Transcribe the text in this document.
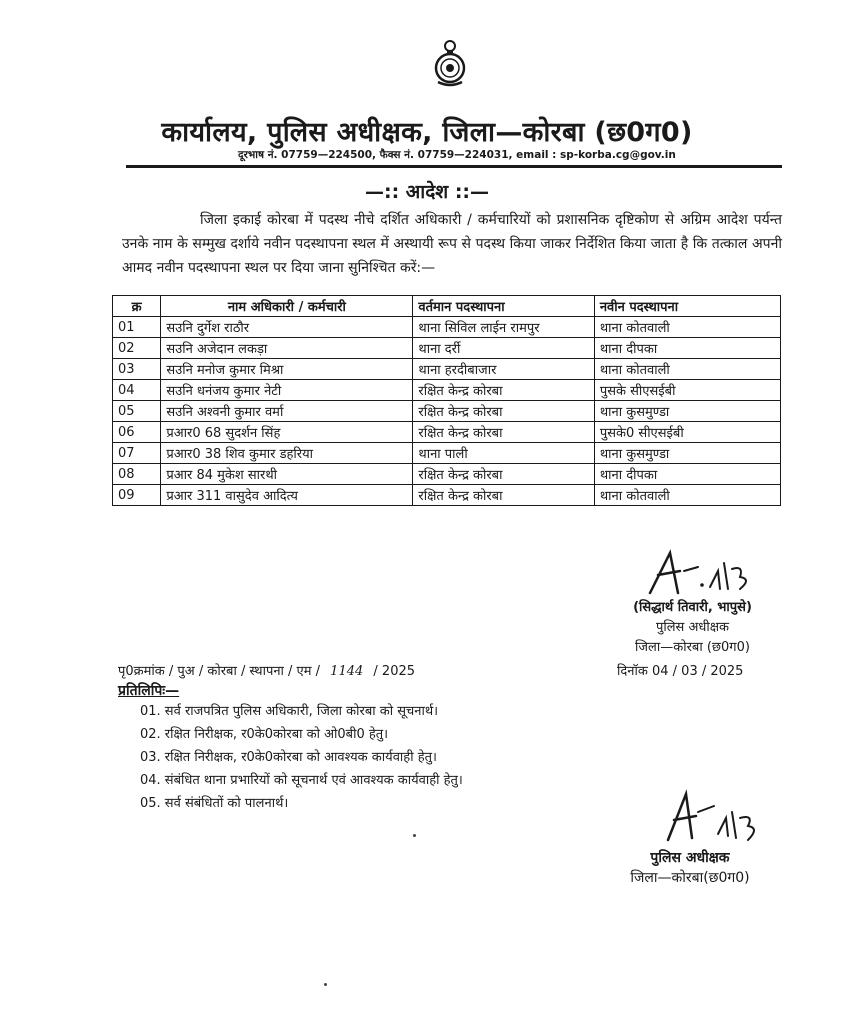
कार्यालय, पुलिस अधीक्षक, जिला—कोरबा (छ0ग0)
दूरभाष नं. 07759—224500, फैक्स नं. 07759—224031, email : sp-korba.cg@gov.in
—:: आदेश ::—
जिला इकाई कोरबा में पदस्थ नीचे दर्शित अधिकारी / कर्मचारियों को प्रशासनिक दृष्टिकोण से अग्रिम आदेश पर्यन्त उनके नाम के सम्मुख दर्शाये नवीन पदस्थापना स्थल में अस्थायी रूप से पदस्थ किया जाकर निर्देशित किया जाता है कि तत्काल अपनी आमद नवीन पदस्थापना स्थल पर दिया जाना सुनिश्चित करें:—
क्र	नाम अधिकारी / कर्मचारी	वर्तमान पदस्थापना	नवीन पदस्थापना
01	सउनि दुर्गेश राठौर	थाना सिविल लाईन रामपुर	थाना कोतवाली
02	सउनि अजेदान लकड़ा	थाना दर्री	थाना दीपका
03	सउनि मनोज कुमार मिश्रा	थाना हरदीबाजार	थाना कोतवाली
04	सउनि धनंजय कुमार नेटी	रक्षित केन्द्र कोरबा	पुसके सीएसईबी
05	सउनि अश्वनी कुमार वर्मा	रक्षित केन्द्र कोरबा	थाना कुसमुण्डा
06	प्रआर0 68 सुदर्शन सिंह	रक्षित केन्द्र कोरबा	पुसके0 सीएसईबी
07	प्रआर0 38 शिव कुमार डहरिया	थाना पाली	थाना कुसमुण्डा
08	प्रआर 84 मुकेश सारथी	रक्षित केन्द्र कोरबा	थाना दीपका
09	प्रआर 311 वासुदेव आदित्य	रक्षित केन्द्र कोरबा	थाना कोतवाली
(सिद्धार्थ तिवारी, भापुसे)
पुलिस अधीक्षक
जिला—कोरबा (छ0ग0)
पृ0क्रमांक / पुअ / कोरबा / स्थापना / एम / 1144 / 2025	दिनॉक 04 / 03 / 2025
प्रतिलिपिः—
01. सर्व राजपत्रित पुलिस अधिकारी, जिला कोरबा को सूचनार्थ।
02. रक्षित निरीक्षक, र0के0कोरबा को ओ0बी0 हेतु।
03. रक्षित निरीक्षक, र0के0कोरबा को आवश्यक कार्यवाही हेतु।
04. संबंधित थाना प्रभारियों को सूचनार्थ एवं आवश्यक कार्यवाही हेतु।
05. सर्व संबंधितों को पालनार्थ।
पुलिस अधीक्षक
जिला—कोरबा(छ0ग0)
